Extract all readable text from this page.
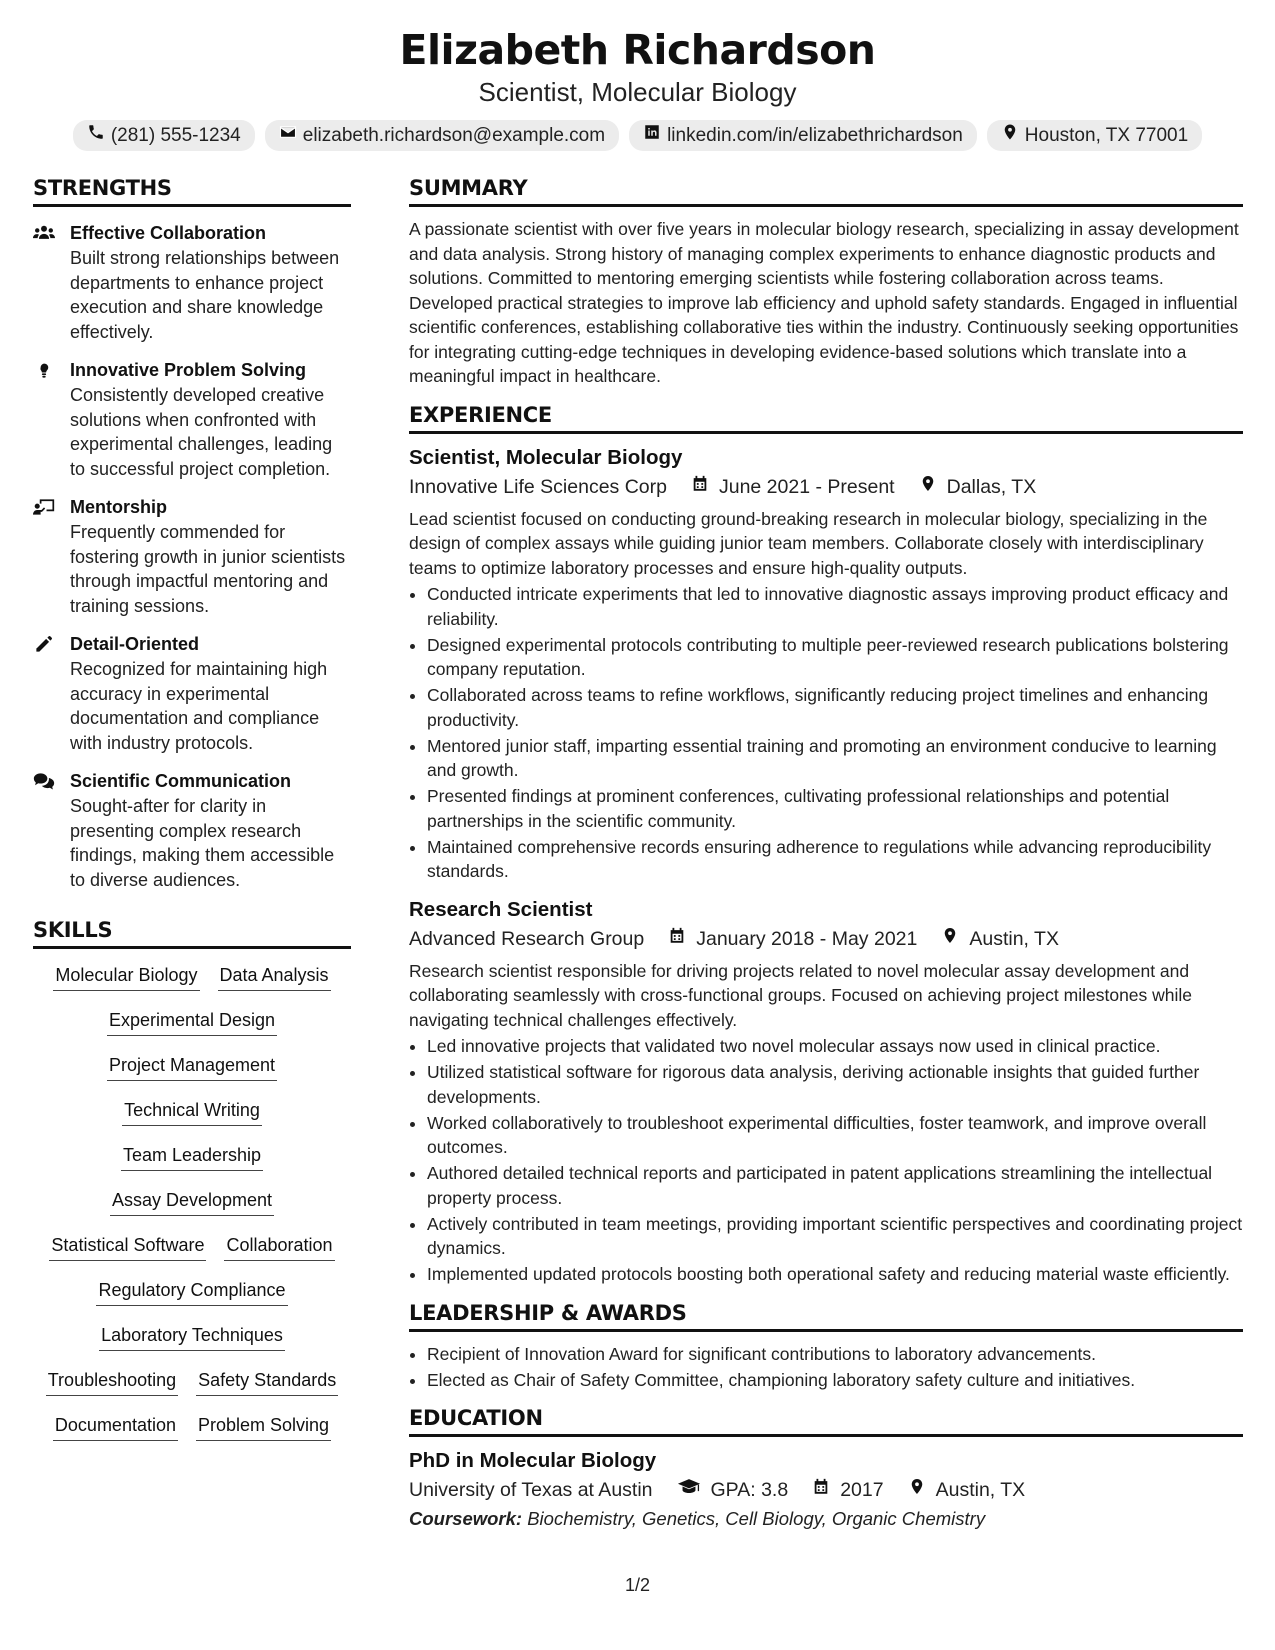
Elizabeth Richardson
Scientist, Molecular Biology
(281) 555-1234	elizabeth.richardson@example.com	linkedin.com/in/elizabethrichardson	Houston, TX 77001
STRENGTHS
Effective Collaboration
Built strong relationships between departments to enhance project execution and share knowledge effectively.
Innovative Problem Solving
Consistently developed creative solutions when confronted with experimental challenges, leading to successful project completion.
Mentorship
Frequently commended for fostering growth in junior scientists through impactful mentoring and training sessions.
Detail-Oriented
Recognized for maintaining high accuracy in experimental documentation and compliance with industry protocols.
Scientific Communication
Sought-after for clarity in presenting complex research findings, making them accessible to diverse audiences.
SKILLS
Molecular Biology Data Analysis
Experimental Design
Project Management
Technical Writing
Team Leadership
Assay Development
Statistical Software Collaboration
Regulatory Compliance
Laboratory Techniques
Troubleshooting Safety Standards
Documentation Problem Solving
SUMMARY

A passionate scientist with over five years in molecular biology research, specializing in assay development and data analysis. Strong history of managing complex experiments to enhance diagnostic products and solutions. Committed to mentoring emerging scientists while fostering collaboration across teams. Developed practical strategies to improve lab efficiency and uphold safety standards. Engaged in influential scientific conferences, establishing collaborative ties within the industry. Continuously seeking opportunities for integrating cutting-edge techniques in developing evidence-based solutions which translate into a meaningful impact in healthcare.

EXPERIENCE
Scientist, Molecular Biology
Innovative Life Sciences Corp	June 2021 - Present	Dallas, TX

Lead scientist focused on conducting ground-breaking research in molecular biology, specializing in the design of complex assays while guiding junior team members. Collaborate closely with interdisciplinary teams to optimize laboratory processes and ensure high-quality outputs.

• Conducted intricate experiments that led to innovative diagnostic assays improving product efficacy and reliability.
• Designed experimental protocols contributing to multiple peer-reviewed research publications bolstering company reputation.
• Collaborated across teams to refine workflows, significantly reducing project timelines and enhancing productivity.
• Mentored junior staff, imparting essential training and promoting an environment conducive to learning and growth.
• Presented findings at prominent conferences, cultivating professional relationships and potential partnerships in the scientific community.
• Maintained comprehensive records ensuring adherence to regulations while advancing reproducibility standards.
Research Scientist
Advanced Research Group	January 2018 - May 2021	Austin, TX

Research scientist responsible for driving projects related to novel molecular assay development and collaborating seamlessly with cross-functional groups. Focused on achieving project milestones while navigating technical challenges effectively.

• Led innovative projects that validated two novel molecular assays now used in clinical practice.
• Utilized statistical software for rigorous data analysis, deriving actionable insights that guided further developments.
• Worked collaboratively to troubleshoot experimental difficulties, foster teamwork, and improve overall outcomes.
• Authored detailed technical reports and participated in patent applications streamlining the intellectual property process.
• Actively contributed in team meetings, providing important scientific perspectives and coordinating project dynamics.
• Implemented updated protocols boosting both operational safety and reducing material waste efficiently.
LEADERSHIP & AWARDS
• Recipient of Innovation Award for significant contributions to laboratory advancements.
• Elected as Chair of Safety Committee, championing laboratory safety culture and initiatives.
EDUCATION
PhD in Molecular Biology
University of Texas at Austin	GPA: 3.8	2017	Austin, TX
Coursework: Biochemistry, Genetics, Cell Biology, Organic Chemistry
1/2
